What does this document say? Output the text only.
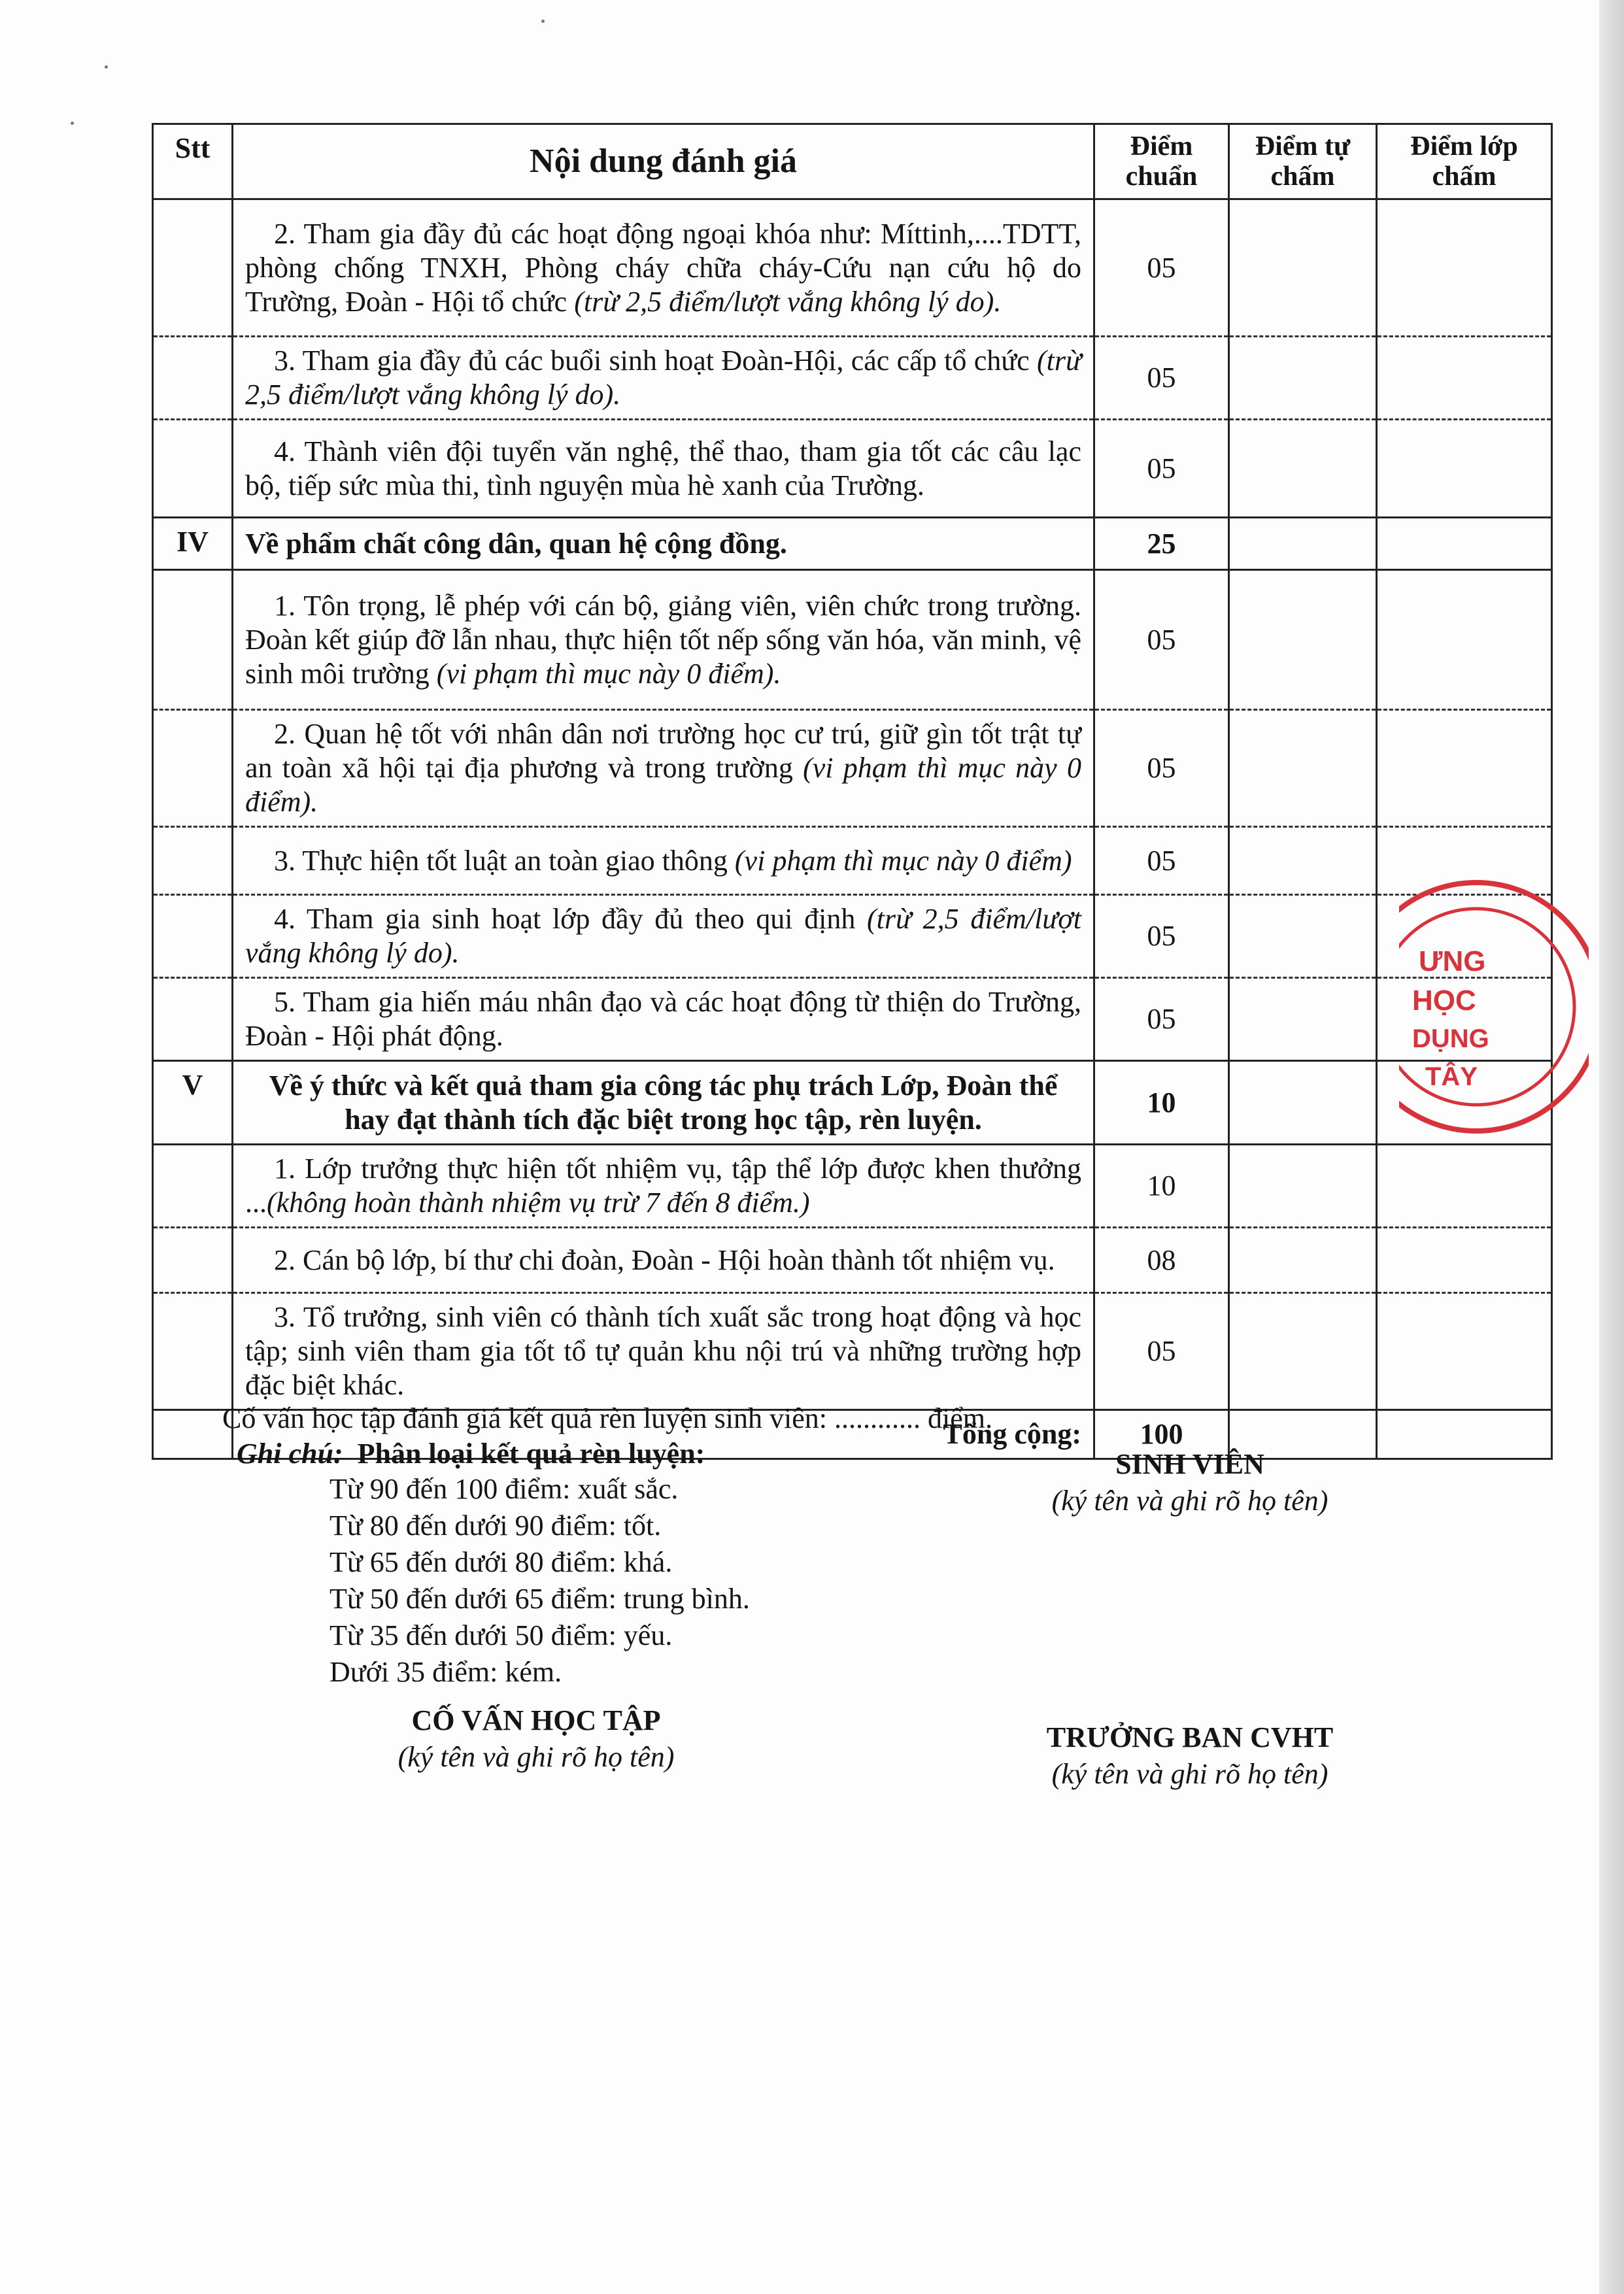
Stt	Nội dung đánh giá	Điểm chuẩn	Điểm tự chấm	Điểm lớp chấm
	2. Tham gia đầy đủ các hoạt động ngoại khóa như: Míttinh,....TDTT, phòng chống TNXH, Phòng cháy chữa cháy-Cứu nạn cứu hộ do Trường, Đoàn - Hội tổ chức (trừ 2,5 điểm/lượt vắng không lý do).	05		
	3. Tham gia đầy đủ các buổi sinh hoạt Đoàn-Hội, các cấp tổ chức (trừ 2,5 điểm/lượt vắng không lý do).	05		
	4. Thành viên đội tuyển văn nghệ, thể thao, tham gia tốt các câu lạc bộ, tiếp sức mùa thi, tình nguyện mùa hè xanh của Trường.	05		
IV	Về phẩm chất công dân, quan hệ cộng đồng.	25		
	1. Tôn trọng, lễ phép với cán bộ, giảng viên, viên chức trong trường. Đoàn kết giúp đỡ lẫn nhau, thực hiện tốt nếp sống văn hóa, văn minh, vệ sinh môi trường (vi phạm thì mục này 0 điểm).	05		
	2. Quan hệ tốt với nhân dân nơi trường học cư trú, giữ gìn tốt trật tự an toàn xã hội tại địa phương và trong trường (vi phạm thì mục này 0 điểm).	05		
	3. Thực hiện tốt luật an toàn giao thông (vi phạm thì mục này 0 điểm)	05		
	4. Tham gia sinh hoạt lớp đầy đủ theo qui định (trừ 2,5 điểm/lượt vắng không lý do).	05		
	5. Tham gia hiến máu nhân đạo và các hoạt động từ thiện do Trường, Đoàn - Hội phát động.	05		
V	Về ý thức và kết quả tham gia công tác phụ trách Lớp, Đoàn thể hay đạt thành tích đặc biệt trong học tập, rèn luyện.	10		
	1. Lớp trưởng thực hiện tốt nhiệm vụ, tập thể lớp được khen thưởng ...(không hoàn thành nhiệm vụ trừ 7 đến 8 điểm.)	10		
	2. Cán bộ lớp, bí thư chi đoàn, Đoàn - Hội hoàn thành tốt nhiệm vụ.	08		
	3. Tổ trưởng, sinh viên có thành tích xuất sắc trong hoạt động và học tập; sinh viên tham gia tốt tổ tự quản khu nội trú và những trường hợp đặc biệt khác.	05		
	Tổng cộng:	100		
ƯNG
HỌC
DỤNG
TÂY
Cố vấn học tập đánh giá kết quả rèn luyện sinh viên: ............ điểm.
Ghi chú: Phân loại kết quả rèn luyện:
Từ 90 đến 100 điểm: xuất sắc.
Từ 80 đến dưới 90 điểm: tốt.
Từ 65 đến dưới 80 điểm: khá.
Từ 50 đến dưới 65 điểm: trung bình.
Từ 35 đến dưới 50 điểm: yếu.
Dưới 35 điểm: kém.
SINH VIÊN
(ký tên và ghi rõ họ tên)
CỐ VẤN HỌC TẬP
(ký tên và ghi rõ họ tên)
TRƯỞNG BAN CVHT
(ký tên và ghi rõ họ tên)
